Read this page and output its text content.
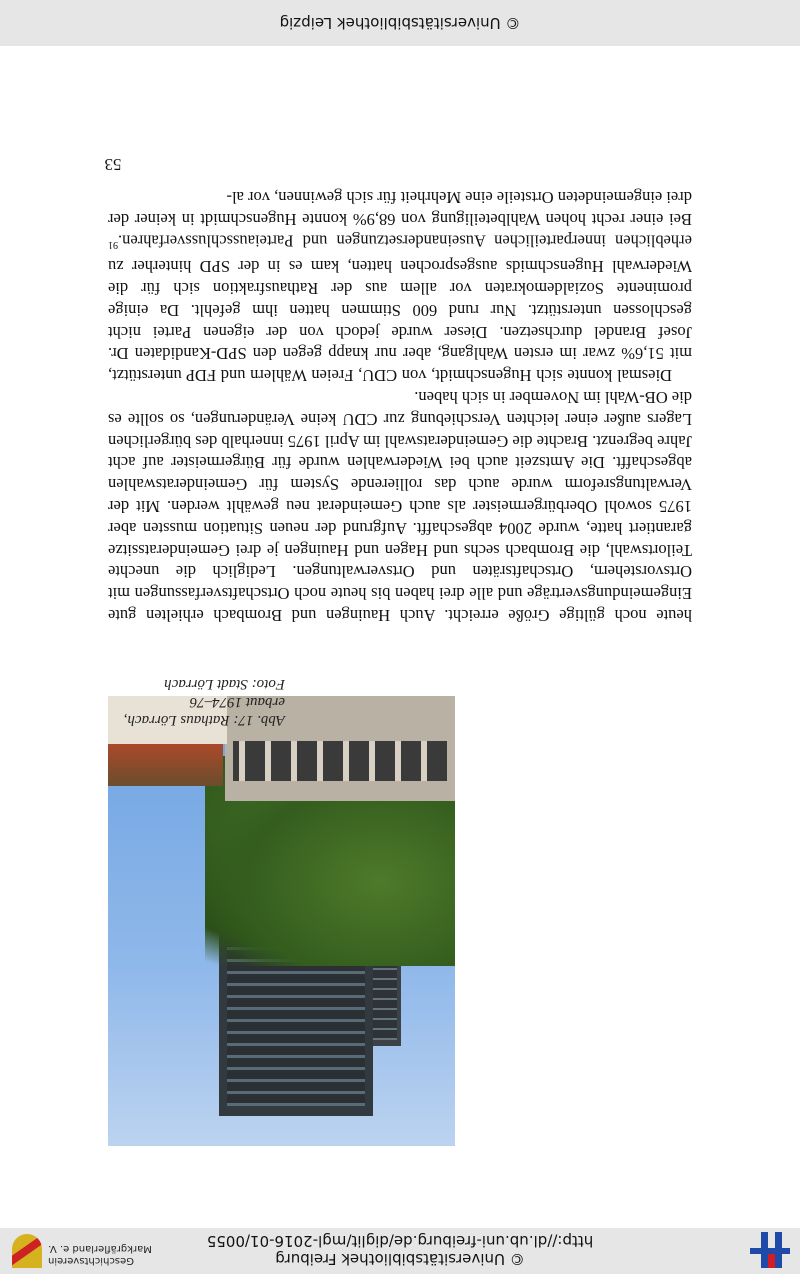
© Universitätsbibliothek Freiburg
http://dl.ub.uni-freiburg.de/diglit/mgl-2016-01/0055
Geschichtsverein
Markgräflerland e. V.
© Universitätsbibliothek Leipzig
Abb. 17: Rathaus Lörrach,
erbaut 1974–76
Foto: Stadt Lörrach

heute noch gültige Größe erreicht. Auch Hauingen und Brombach erhielten gute Eingemeindungsverträge und alle drei haben bis heute noch Ortschaftsverfassungen mit Ortsvorstehern, Ortschaftsräten und Ortsverwaltungen. Lediglich die unechte Teilortswahl, die Brombach sechs und Hagen und Hauingen je drei Gemeinderatssitze garantiert hatte, wurde 2004 abgeschafft. Aufgrund der neuen Situation mussten aber 1975 sowohl Oberbürgermeister als auch Gemeinderat neu gewählt werden. Mit der Verwaltungsreform wurde auch das rollierende System für Gemeinderatswahlen abgeschafft. Die Amtszeit auch bei Wiederwahlen wurde für Bürgermeister auf acht Jahre begrenzt. Brachte die Gemeinderatswahl im April 1975 innerhalb des bürgerlichen Lagers außer einer leichten Verschiebung zur CDU keine Veränderungen, so sollte es die OB-Wahl im November in sich haben.

Diesmal konnte sich Hugenschmidt, von CDU, Freien Wählern und FDP unterstützt, mit 51,6% zwar im ersten Wahlgang, aber nur knapp gegen den SPD-Kandidaten Dr. Josef Brandel durchsetzen. Dieser wurde jedoch von der eigenen Partei nicht geschlossen unterstützt. Nur rund 600 Stimmen hatten ihm gefehlt. Da einige prominente Sozialdemokraten vor allem aus der Rathausfraktion sich für die Wiederwahl Hugenschmids ausgesprochen hatten, kam es in der SPD hinterher zu erheblichen innerparteilichen Auseinandersetzungen und Parteiausschlussverfahren.$^{91}$ Bei einer recht hohen Wahlbeteiligung von 68,9% konnte Hugenschmidt in keiner der drei eingemeindeten Ortsteile eine Mehrheit für sich gewinnen, vor al-

53
